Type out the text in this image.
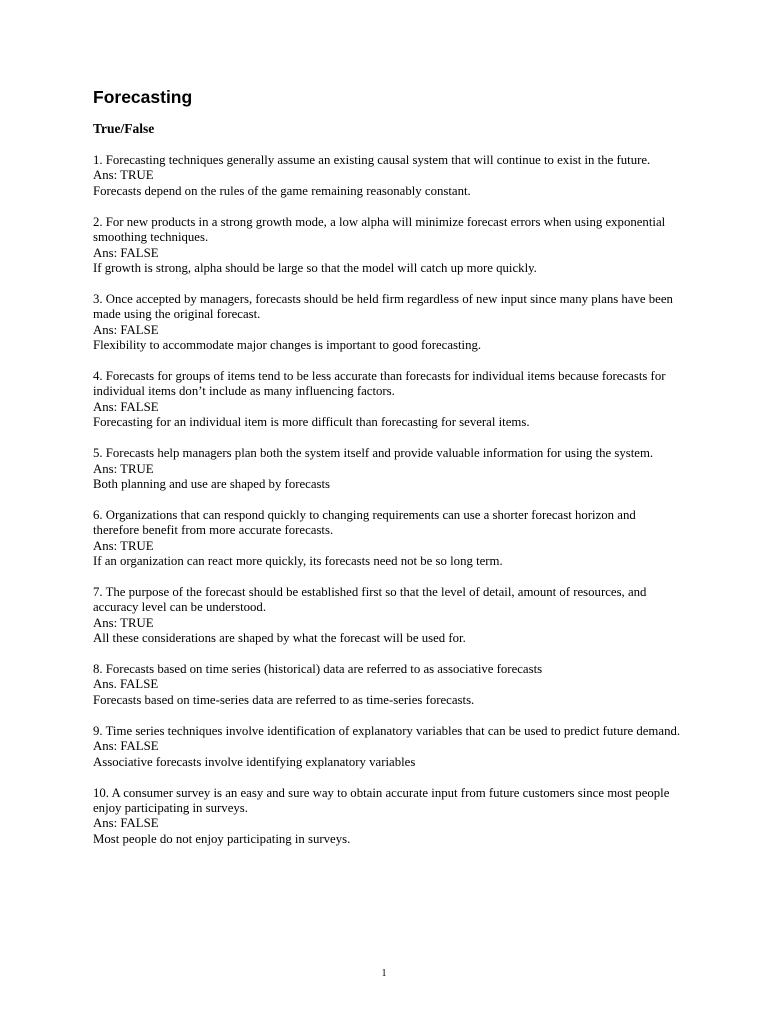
Forecasting
True/False
1. Forecasting techniques generally assume an existing causal system that will continue to exist in the future.
Ans: TRUE
Forecasts depend on the rules of the game remaining reasonably constant.
2. For new products in a strong growth mode, a low alpha will minimize forecast errors when using exponential smoothing techniques.
Ans: FALSE
If growth is strong, alpha should be large so that the model will catch up more quickly.
3. Once accepted by managers, forecasts should be held firm regardless of new input since many plans have been made using the original forecast.
Ans: FALSE
Flexibility to accommodate major changes is important to good forecasting.
4. Forecasts for groups of items tend to be less accurate than forecasts for individual items because forecasts for individual items don’t include as many influencing factors.
Ans: FALSE
Forecasting for an individual item is more difficult than forecasting for several items.
5. Forecasts help managers plan both the system itself and provide valuable information for using the system.
Ans: TRUE
Both planning and use are shaped by forecasts
6. Organizations that can respond quickly to changing requirements can use a shorter forecast horizon and therefore benefit from more accurate forecasts.
Ans: TRUE
If an organization can react more quickly, its forecasts need not be so long term.
7. The purpose of the forecast should be established first so that the level of detail, amount of resources, and accuracy level can be understood.
Ans: TRUE
All these considerations are shaped by what the forecast will be used for.
8. Forecasts based on time series (historical) data are referred to as associative forecasts
Ans. FALSE
Forecasts based on time-series data are referred to as time-series forecasts.
9. Time series techniques involve identification of explanatory variables that can be used to predict future demand.
Ans: FALSE
Associative forecasts involve identifying explanatory variables
10. A consumer survey is an easy and sure way to obtain accurate input from future customers since most people enjoy participating in surveys.
Ans: FALSE
Most people do not enjoy participating in surveys.
1
